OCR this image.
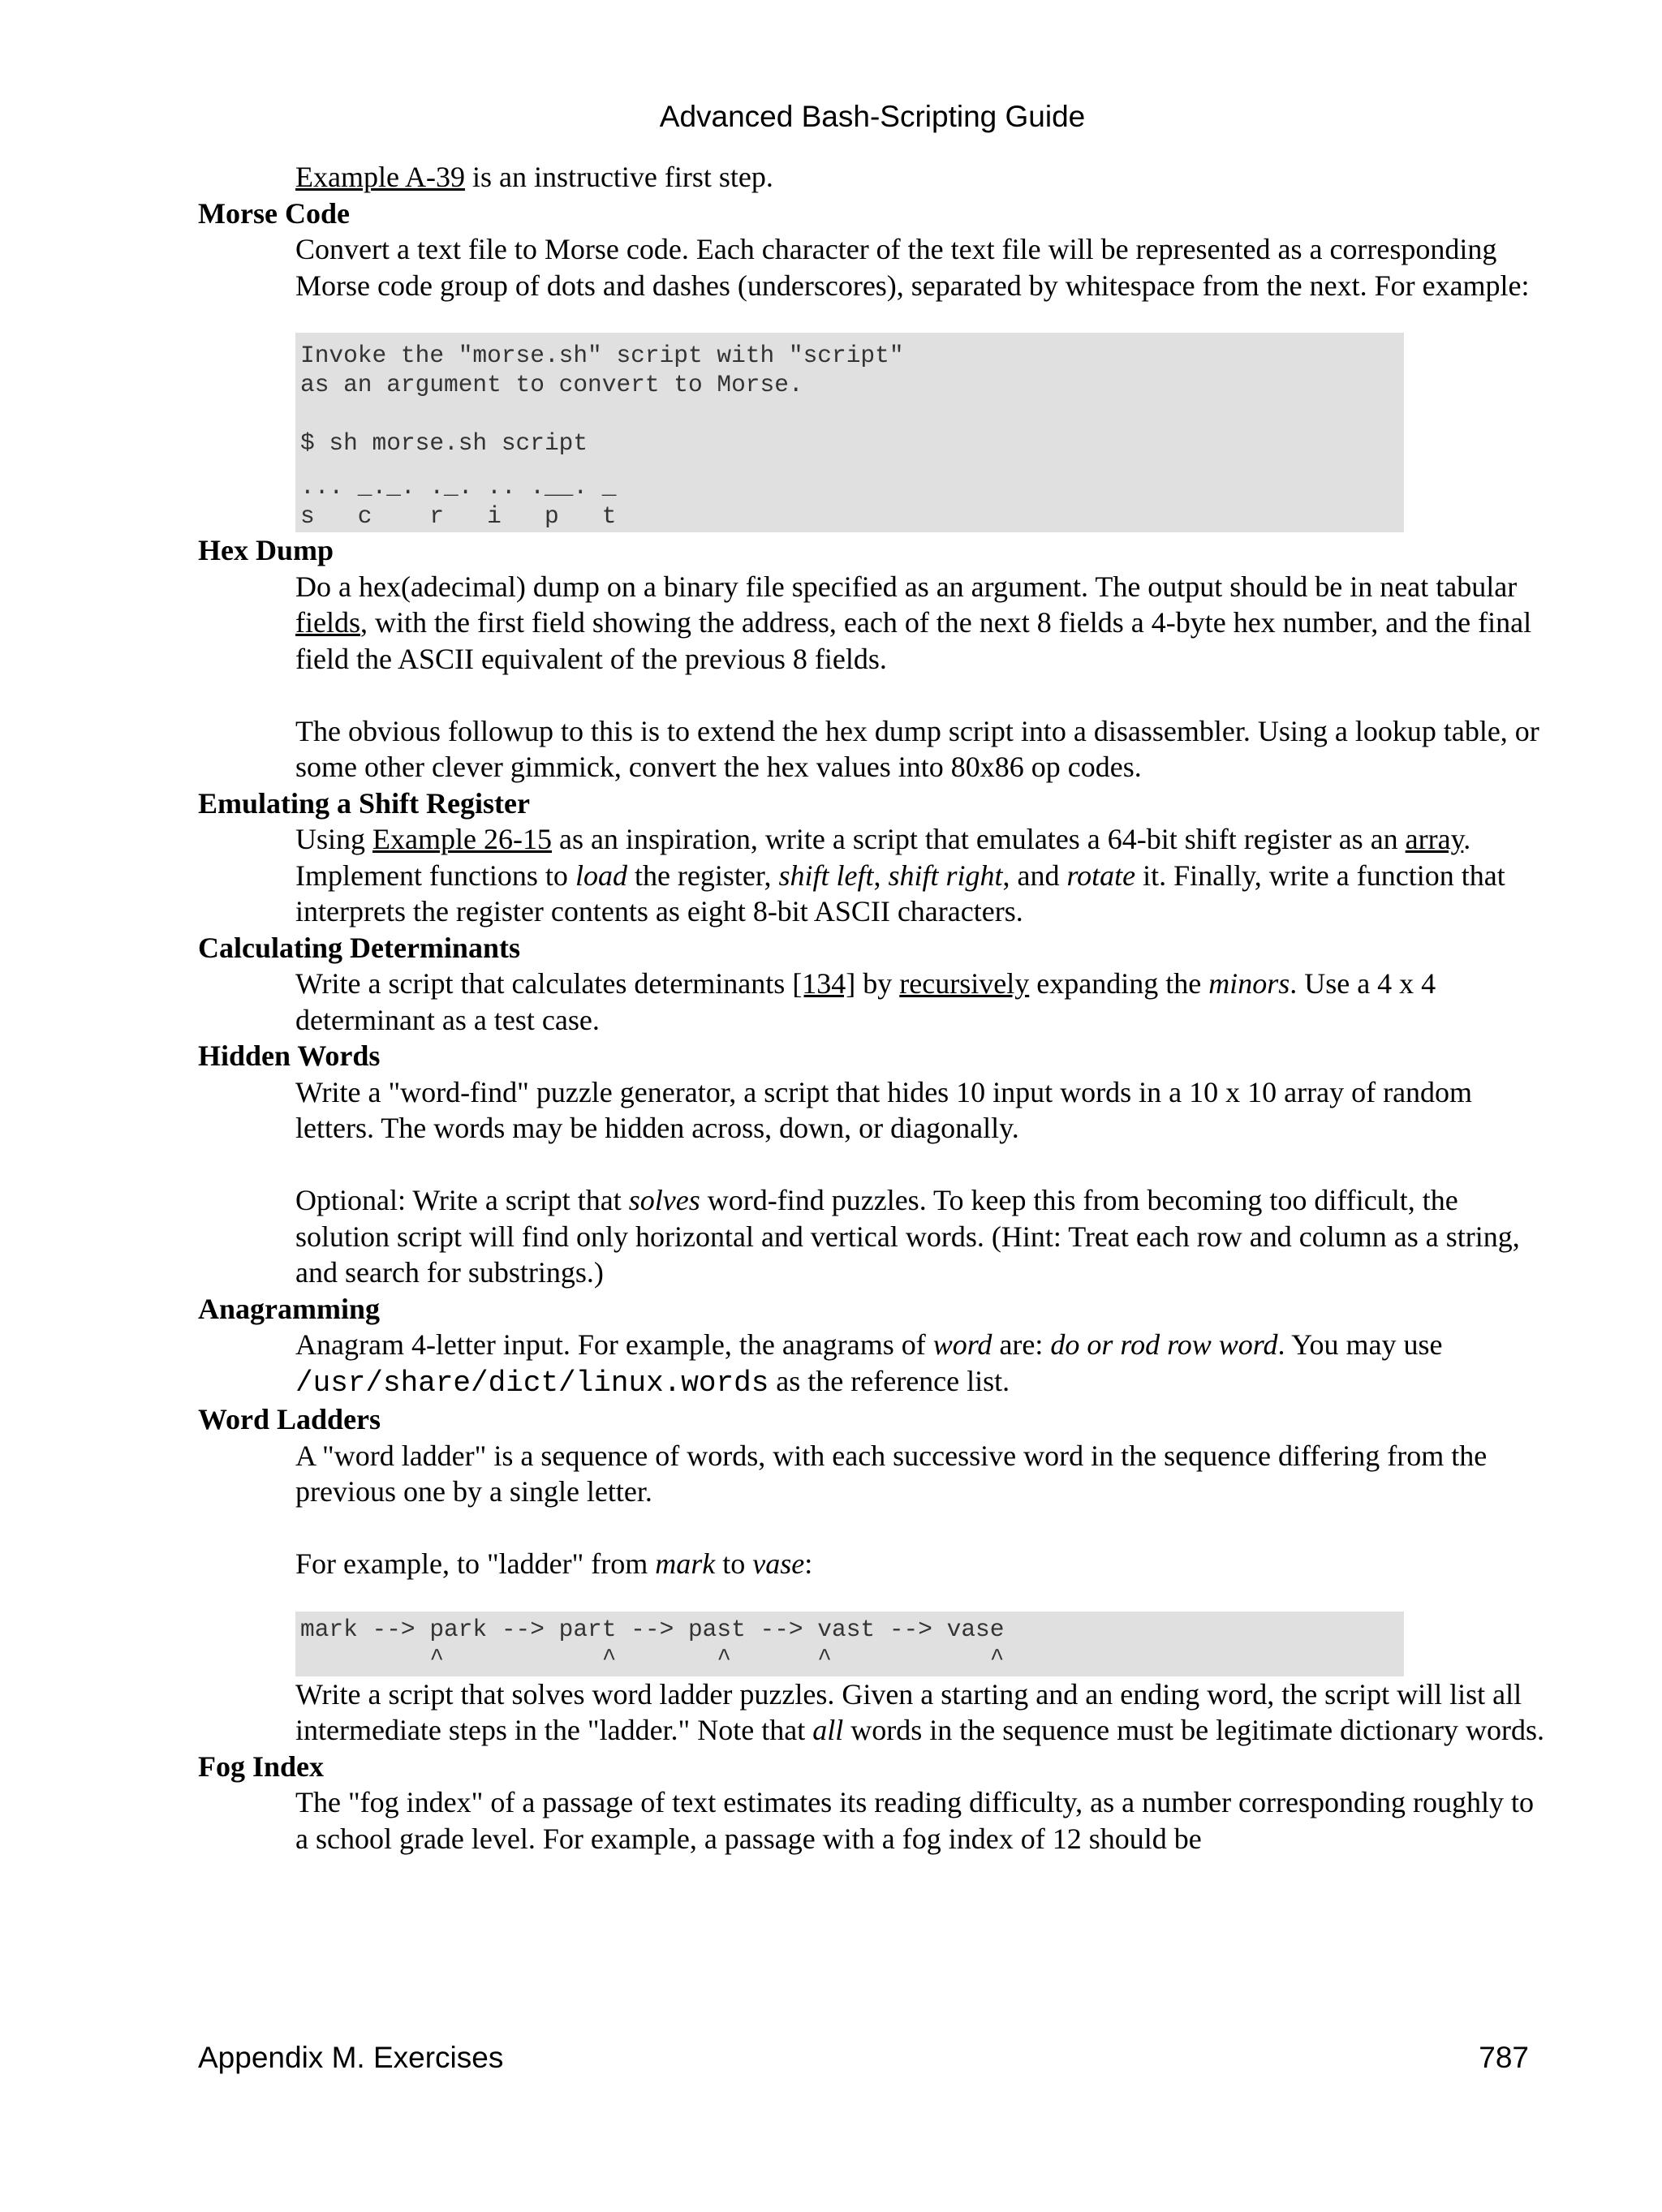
Advanced Bash-Scripting Guide
Example A-39 is an instructive first step.
Morse Code

Convert a text file to Morse code. Each character of the text file will be represented as a corresponding Morse code group of dots and dashes (underscores), separated by whitespace from the next. For example:

Invoke the "morse.sh" script with "script"
as an argument to convert to Morse.

$ sh morse.sh script

... _._. ._. .. .__. _
s   c    r   i   p   t
Hex Dump

Do a hex(adecimal) dump on a binary file specified as an argument. The output should be in neat tabular fields, with the first field showing the address, each of the next 8 fields a 4-byte hex number, and the final field the ASCII equivalent of the previous 8 fields.

The obvious followup to this is to extend the hex dump script into a disassembler. Using a lookup table, or some other clever gimmick, convert the hex values into 80x86 op codes.

Emulating a Shift Register

Using Example 26-15 as an inspiration, write a script that emulates a 64-bit shift register as an array. Implement functions to load the register, shift left, shift right, and rotate it. Finally, write a function that interprets the register contents as eight 8-bit ASCII characters.

Calculating Determinants

Write a script that calculates determinants [134] by recursively expanding the minors. Use a 4 x 4 determinant as a test case.

Hidden Words

Write a "word-find" puzzle generator, a script that hides 10 input words in a 10 x 10 array of random letters. The words may be hidden across, down, or diagonally.

Optional: Write a script that solves word-find puzzles. To keep this from becoming too difficult, the solution script will find only horizontal and vertical words. (Hint: Treat each row and column as a string, and search for substrings.)

Anagramming

Anagram 4-letter input. For example, the anagrams of word are: do or rod row word. You may use /usr/share/dict/linux.words as the reference list.

Word Ladders

A "word ladder" is a sequence of words, with each successive word in the sequence differing from the previous one by a single letter.

For example, to "ladder" from mark to vase:

mark --> park --> part --> past --> vast --> vase
^           ^       ^      ^           ^

Write a script that solves word ladder puzzles. Given a starting and an ending word, the script will list all intermediate steps in the "ladder." Note that all words in the sequence must be legitimate dictionary words.

Fog Index

The "fog index" of a passage of text estimates its reading difficulty, as a number corresponding roughly to a school grade level. For example, a passage with a fog index of 12 should be

Appendix M. Exercises	787
